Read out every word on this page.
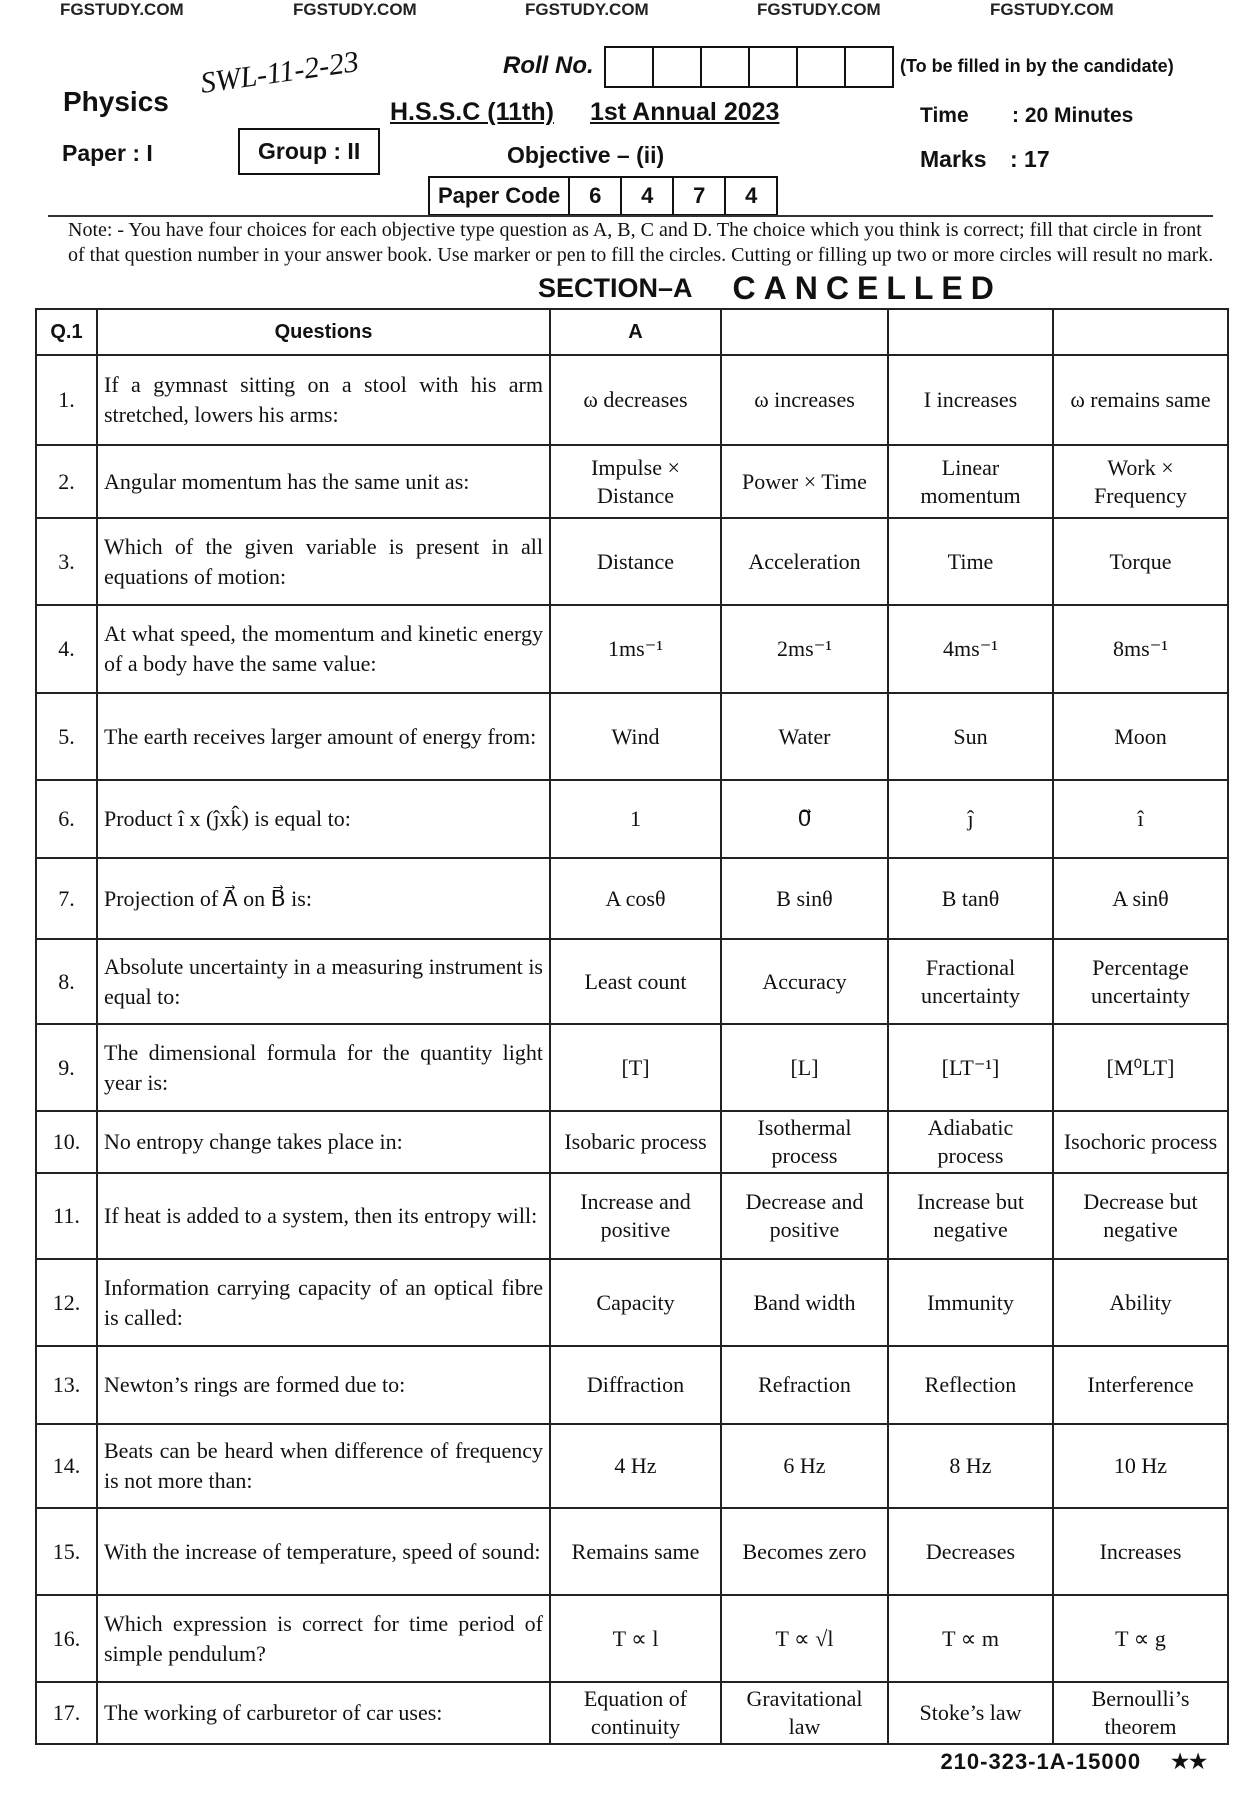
FGSTUDY.COM	FGSTUDY.COM	FGSTUDY.COM	FGSTUDY.COM	FGSTUDY.COM
SWL-11-2-23	Roll No.	(To be filled in by the candidate)
Physics	H.S.S.C (11th) 1st Annual 2023	Time : 20 Minutes
Paper : I	Group : II	Objective – (ii)	Marks : 17
Paper Code	6	4	7	4
Note: - You have four choices for each objective type question as A, B, C and D. The choice which you think is correct; fill that circle in front of that question number in your answer book. Use marker or pen to fill the circles. Cutting or filling up two or more circles will result no mark.
SECTION–A CANCELLED
Q.1	Questions	A			
1.	If a gymnast sitting on a stool with his arm stretched, lowers his arms:	ω decreases	ω increases	I increases	ω remains same
2.	Angular momentum has the same unit as:	Impulse × Distance	Power × Time	Linear momentum	Work × Frequency
3.	Which of the given variable is present in all equations of motion:	Distance	Acceleration	Time	Torque
4.	At what speed, the momentum and kinetic energy of a body have the same value:	1ms⁻¹	2ms⁻¹	4ms⁻¹	8ms⁻¹
5.	The earth receives larger amount of energy from:	Wind	Water	Sun	Moon
6.	Product î x (ĵxk̂) is equal to:	1	0⃗	ĵ	î
7.	Projection of A⃗ on B⃗ is:	A cosθ	B sinθ	B tanθ	A sinθ
8.	Absolute uncertainty in a measuring instrument is equal to:	Least count	Accuracy	Fractional uncertainty	Percentage uncertainty
9.	The dimensional formula for the quantity light year is:	[T]	[L]	[LT⁻¹]	[M⁰LT]
10.	No entropy change takes place in:	Isobaric process	Isothermal process	Adiabatic process	Isochoric process
11.	If heat is added to a system, then its entropy will:	Increase and positive	Decrease and positive	Increase but negative	Decrease but negative
12.	Information carrying capacity of an optical fibre is called:	Capacity	Band width	Immunity	Ability
13.	Newton’s rings are formed due to:	Diffraction	Refraction	Reflection	Interference
14.	Beats can be heard when difference of frequency is not more than:	4 Hz	6 Hz	8 Hz	10 Hz
15.	With the increase of temperature, speed of sound:	Remains same	Becomes zero	Decreases	Increases
16.	Which expression is correct for time period of simple pendulum?	T ∝ l	T ∝ √l	T ∝ m	T ∝ g
17.	The working of carburetor of car uses:	Equation of continuity	Gravitational law	Stoke’s law	Bernoulli’s theorem
210-323-1A-15000 ★★
